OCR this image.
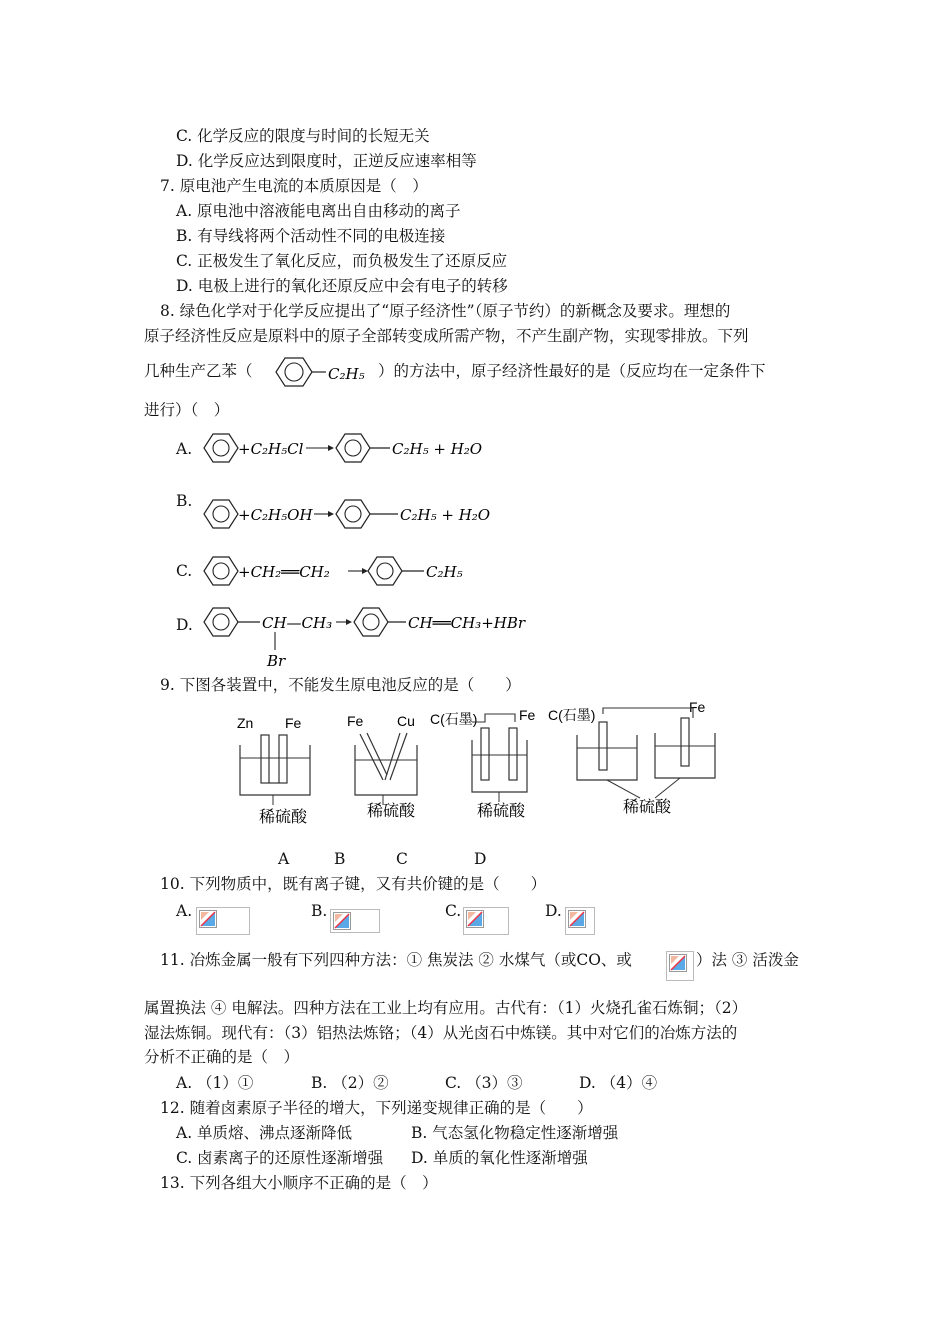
C. 化学反应的限度与时间的长短无关
D. 化学反应达到限度时，正逆反应速率相等
7. 原电池产生电流的本质原因是（　）
A. 原电池中溶液能电离出自由移动的离子
B. 有导线将两个活动性不同的电极连接
C. 正极发生了氧化反应，而负极发生了还原反应
D. 电极上进行的氧化还原反应中会有电子的转移
8. 绿色化学对于化学反应提出了“原子经济性”（原子节约）的新概念及要求。理想的
原子经济性反应是原料中的原子全部转变成所需产物，不产生副产物，实现零排放。下列
几种生产乙苯（	C₂H₅ ）的方法中，原子经济性最好的是（反应均在一定条件下
进行）（　）
A.	+C₂H₅Cl	C₂H₅ + H₂O
B.
+C₂H₅OH	C₂H₅ + H₂O
C.	+CH₂══CH₂	C₂H₅
D.	CH—CH₃
Br
CH══CH₃+HBr
9. 下图各装置中，不能发生原电池反应的是（　　）
Zn Fe
稀硫酸
Fe Cu
稀硫酸
C(石墨)	Fe
稀硫酸
C(石墨)	Fe
稀硫酸
A	B	C	D
10. 下列物质中，既有离子键，又有共价键的是（　　）
A.	B.	C.	D.
11. 冶炼金属一般有下列四种方法：① 焦炭法 ② 水煤气（或CO、或	）法 ③ 活泼金
属置换法 ④ 电解法。四种方法在工业上均有应用。古代有：（1）火烧孔雀石炼铜；（2）
湿法炼铜。现代有：（3）铝热法炼铬；（4）从光卤石中炼镁。其中对它们的冶炼方法的
分析不正确的是（　）
A. （1）①	B. （2）②	C. （3）③	D. （4）④
12. 随着卤素原子半径的增大，下列递变规律正确的是（　　）
A. 单质熔、沸点逐渐降低	B. 气态氢化物稳定性逐渐增强
C. 卤素离子的还原性逐渐增强 D. 单质的氧化性逐渐增强
13. 下列各组大小顺序不正确的是（　）
